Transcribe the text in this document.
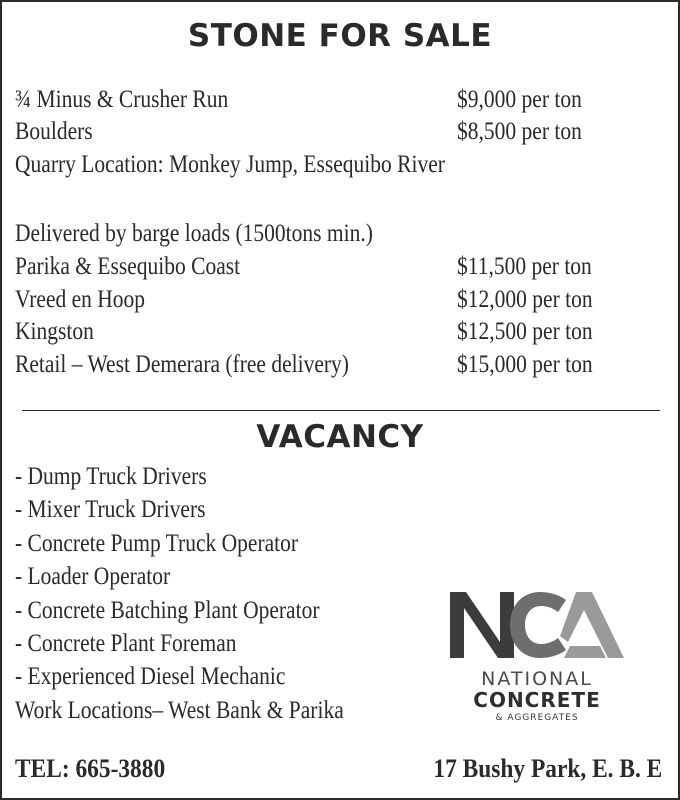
STONE FOR SALE
¾ Minus & Crusher Run	$9,000 per ton
Boulders	$8,500 per ton
Quarry Location: Monkey Jump, Essequibo River
Delivered by barge loads (1500tons min.)
Parika & Essequibo Coast	$11,500 per ton
Vreed en Hoop	$12,000 per ton
Kingston	$12,500 per ton
Retail – West Demerara (free delivery)	$15,000 per ton
VACANCY
- Dump Truck Drivers
- Mixer Truck Drivers
- Concrete Pump Truck Operator
- Loader Operator
- Concrete Batching Plant Operator
- Concrete Plant Foreman
- Experienced Diesel Mechanic
Work Locations– West Bank & Parika
NATIONAL
CONCRETE
& AGGREGATES
TEL: 665-3880	17 Bushy Park, E. B. E
